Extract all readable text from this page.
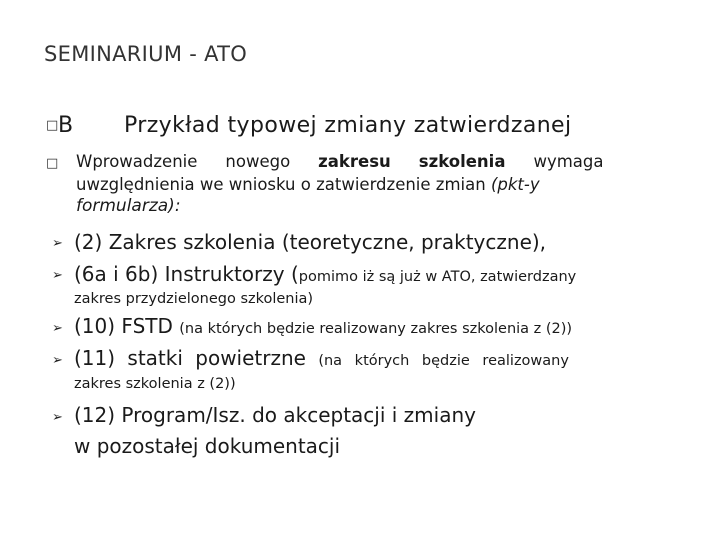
SEMINARIUM - ATO
□ B Przykład typowej zmiany zatwierdzanej
□ Wprowadzenie nowego zakresu szkolenia wymaga
uwzględnienia we wniosku o zatwierdzenie zmian (pkt-y
formularza):
➢ (2) Zakres szkolenia (teoretyczne, praktyczne),
➢ (6a i 6b) Instruktorzy (pomimo iż są już w ATO, zatwierdzany
zakres przydzielonego szkolenia)
➢ (10) FSTD (na których będzie realizowany zakres szkolenia z (2))
➢ (11) statki powietrzne (na których będzie realizowany
zakres szkolenia z (2))
➢ (12) Program/Isz. do akceptacji i zmiany
w pozostałej dokumentacji
